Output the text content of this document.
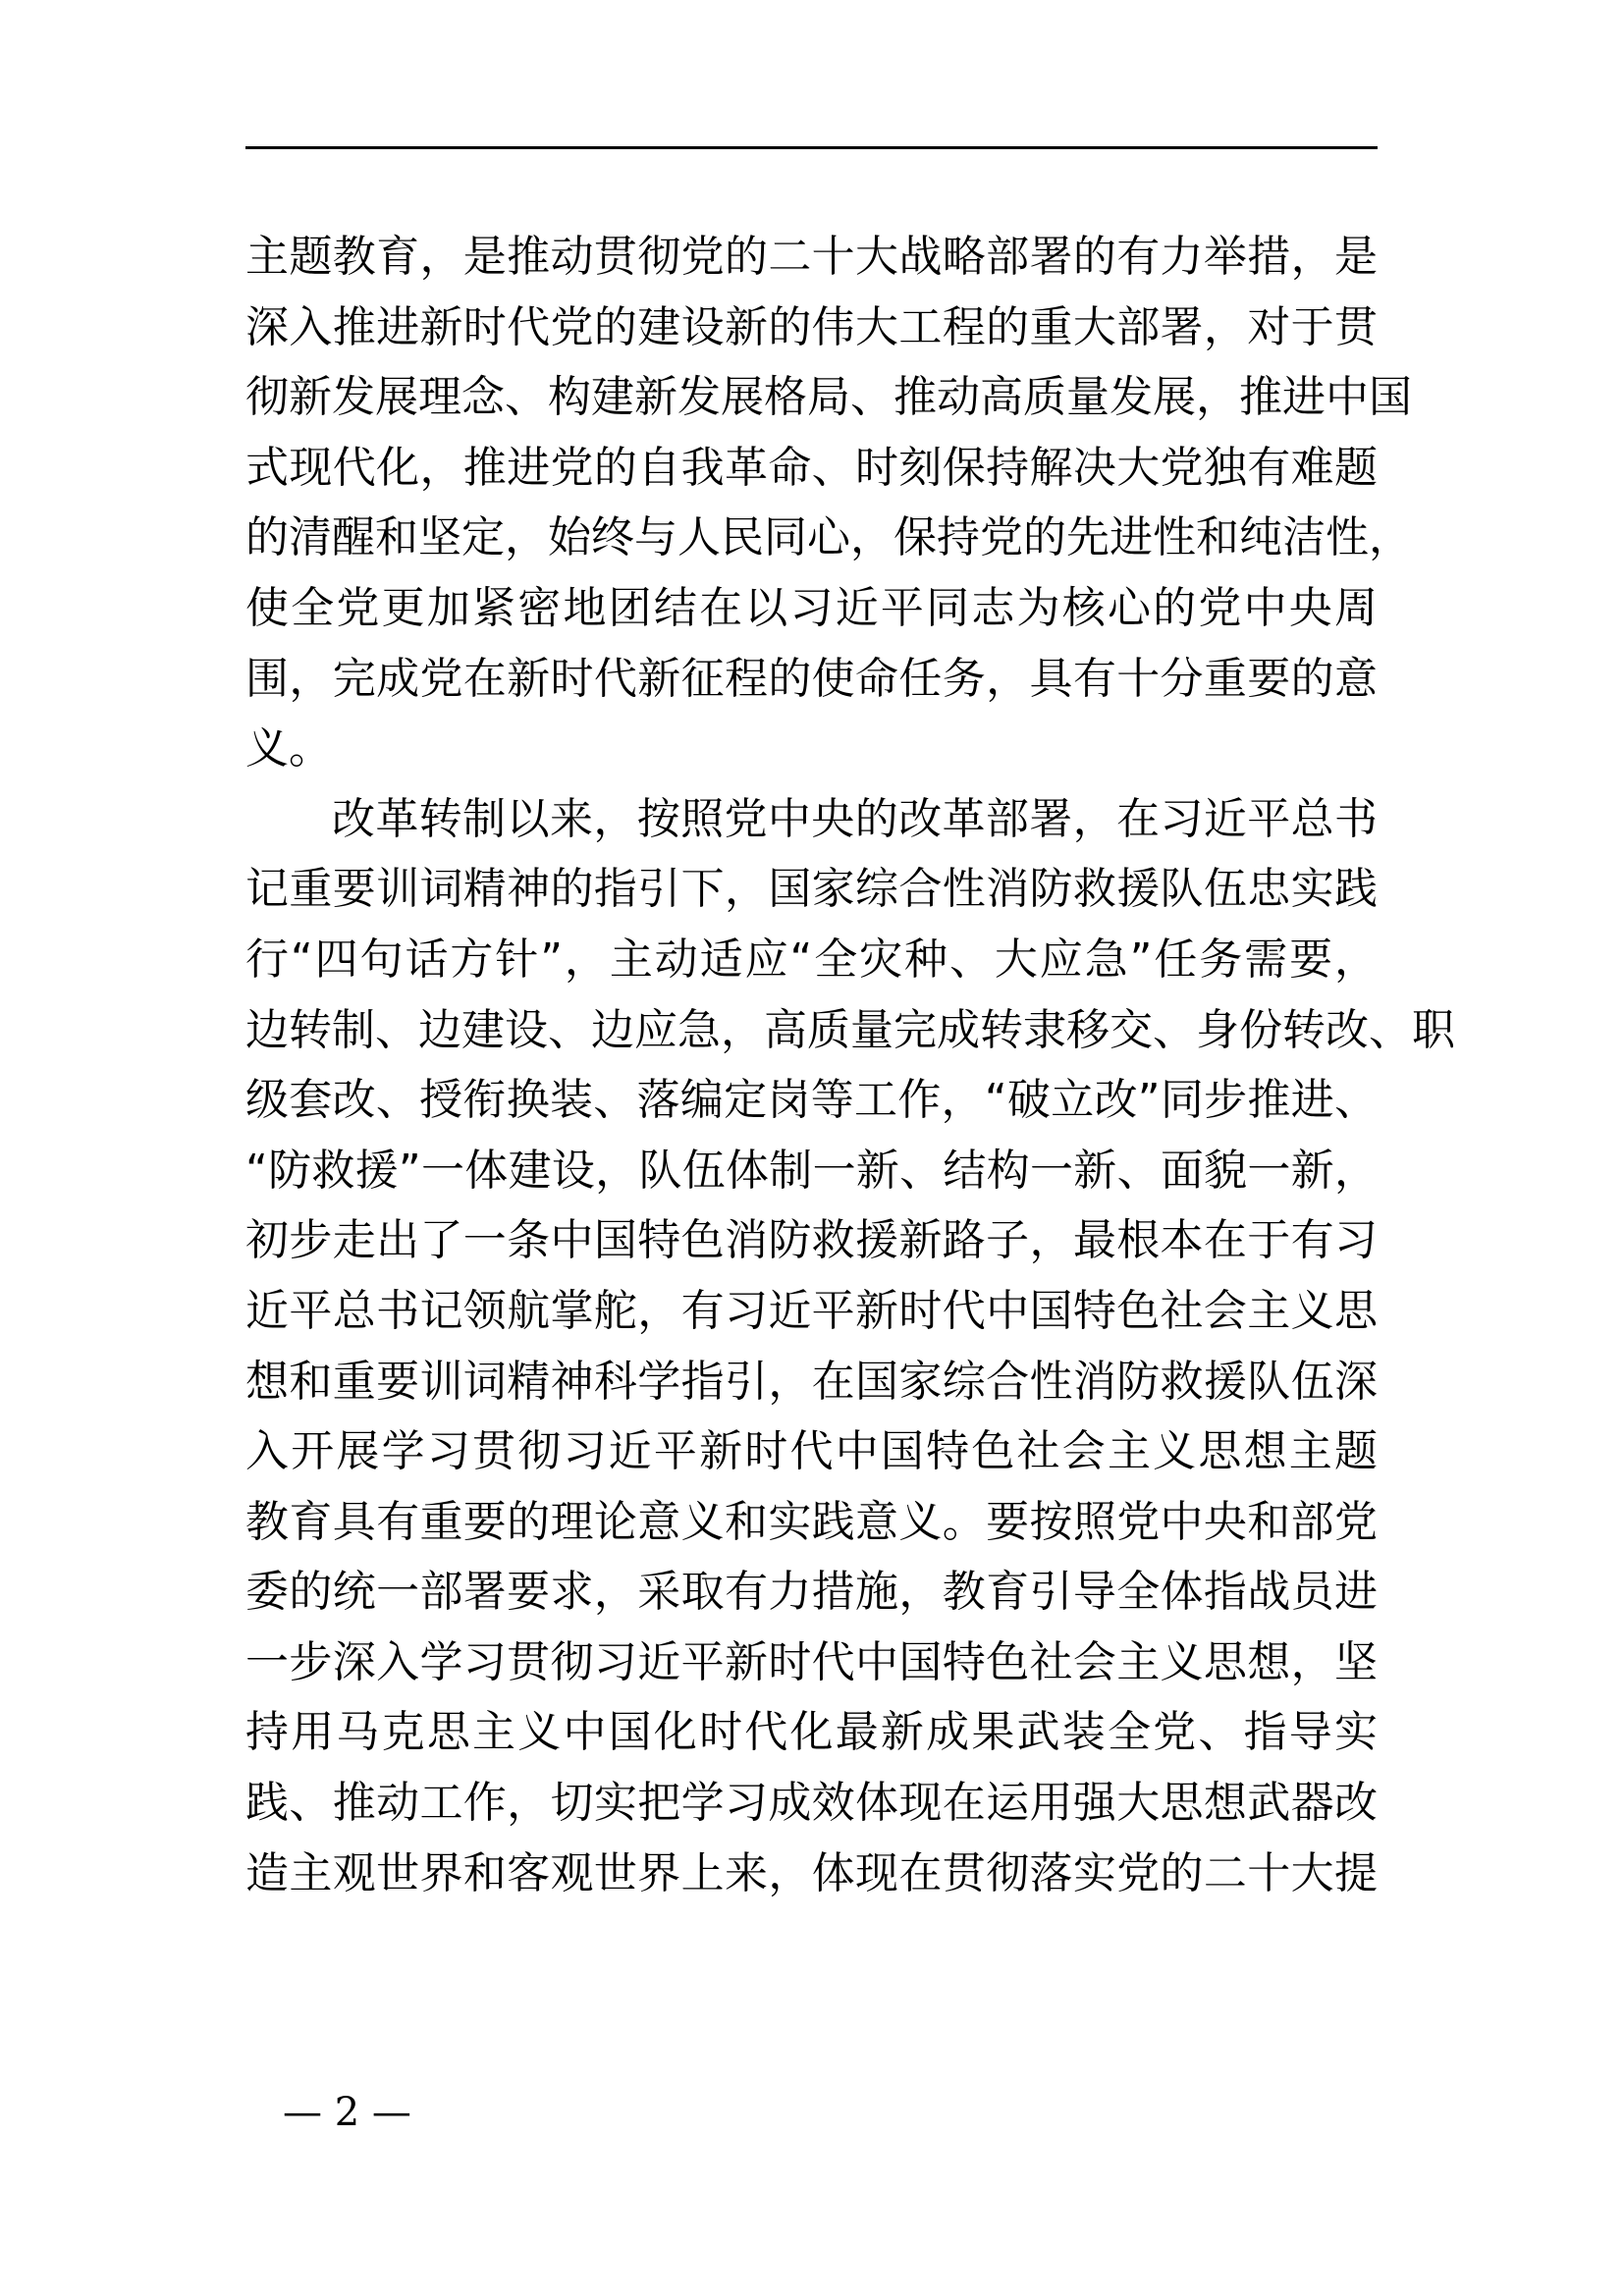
主题教育，是推动贯彻党的二十大战略部署的有力举措，是
深入推进新时代党的建设新的伟大工程的重大部署，对于贯
彻新发展理念、构建新发展格局、推动高质量发展，推进中国
式现代化，推进党的自我革命、时刻保持解决大党独有难题
的清醒和坚定，始终与人民同心，保持党的先进性和纯洁性，
使全党更加紧密地团结在以习近平同志为核心的党中央周
围，完成党在新时代新征程的使命任务，具有十分重要的意
义。

改革转制以来，按照党中央的改革部署，在习近平总书
记重要训词精神的指引下，国家综合性消防救援队伍忠实践
行“四句话方针”，主动适应“全灾种、大应急”任务需要，
边转制、边建设、边应急，高质量完成转隶移交、身份转改、职
级套改、授衔换装、落编定岗等工作，“破立改”同步推进、
“防救援”一体建设，队伍体制一新、结构一新、面貌一新，
初步走出了一条中国特色消防救援新路子，最根本在于有习
近平总书记领航掌舵，有习近平新时代中国特色社会主义思
想和重要训词精神科学指引，在国家综合性消防救援队伍深
入开展学习贯彻习近平新时代中国特色社会主义思想主题
教育具有重要的理论意义和实践意义。要按照党中央和部党
委的统一部署要求，采取有力措施，教育引导全体指战员进
一步深入学习贯彻习近平新时代中国特色社会主义思想，坚
持用马克思主义中国化时代化最新成果武装全党、指导实
践、推动工作，切实把学习成效体现在运用强大思想武器改
造主观世界和客观世界上来，体现在贯彻落实党的二十大提

— 2 —
